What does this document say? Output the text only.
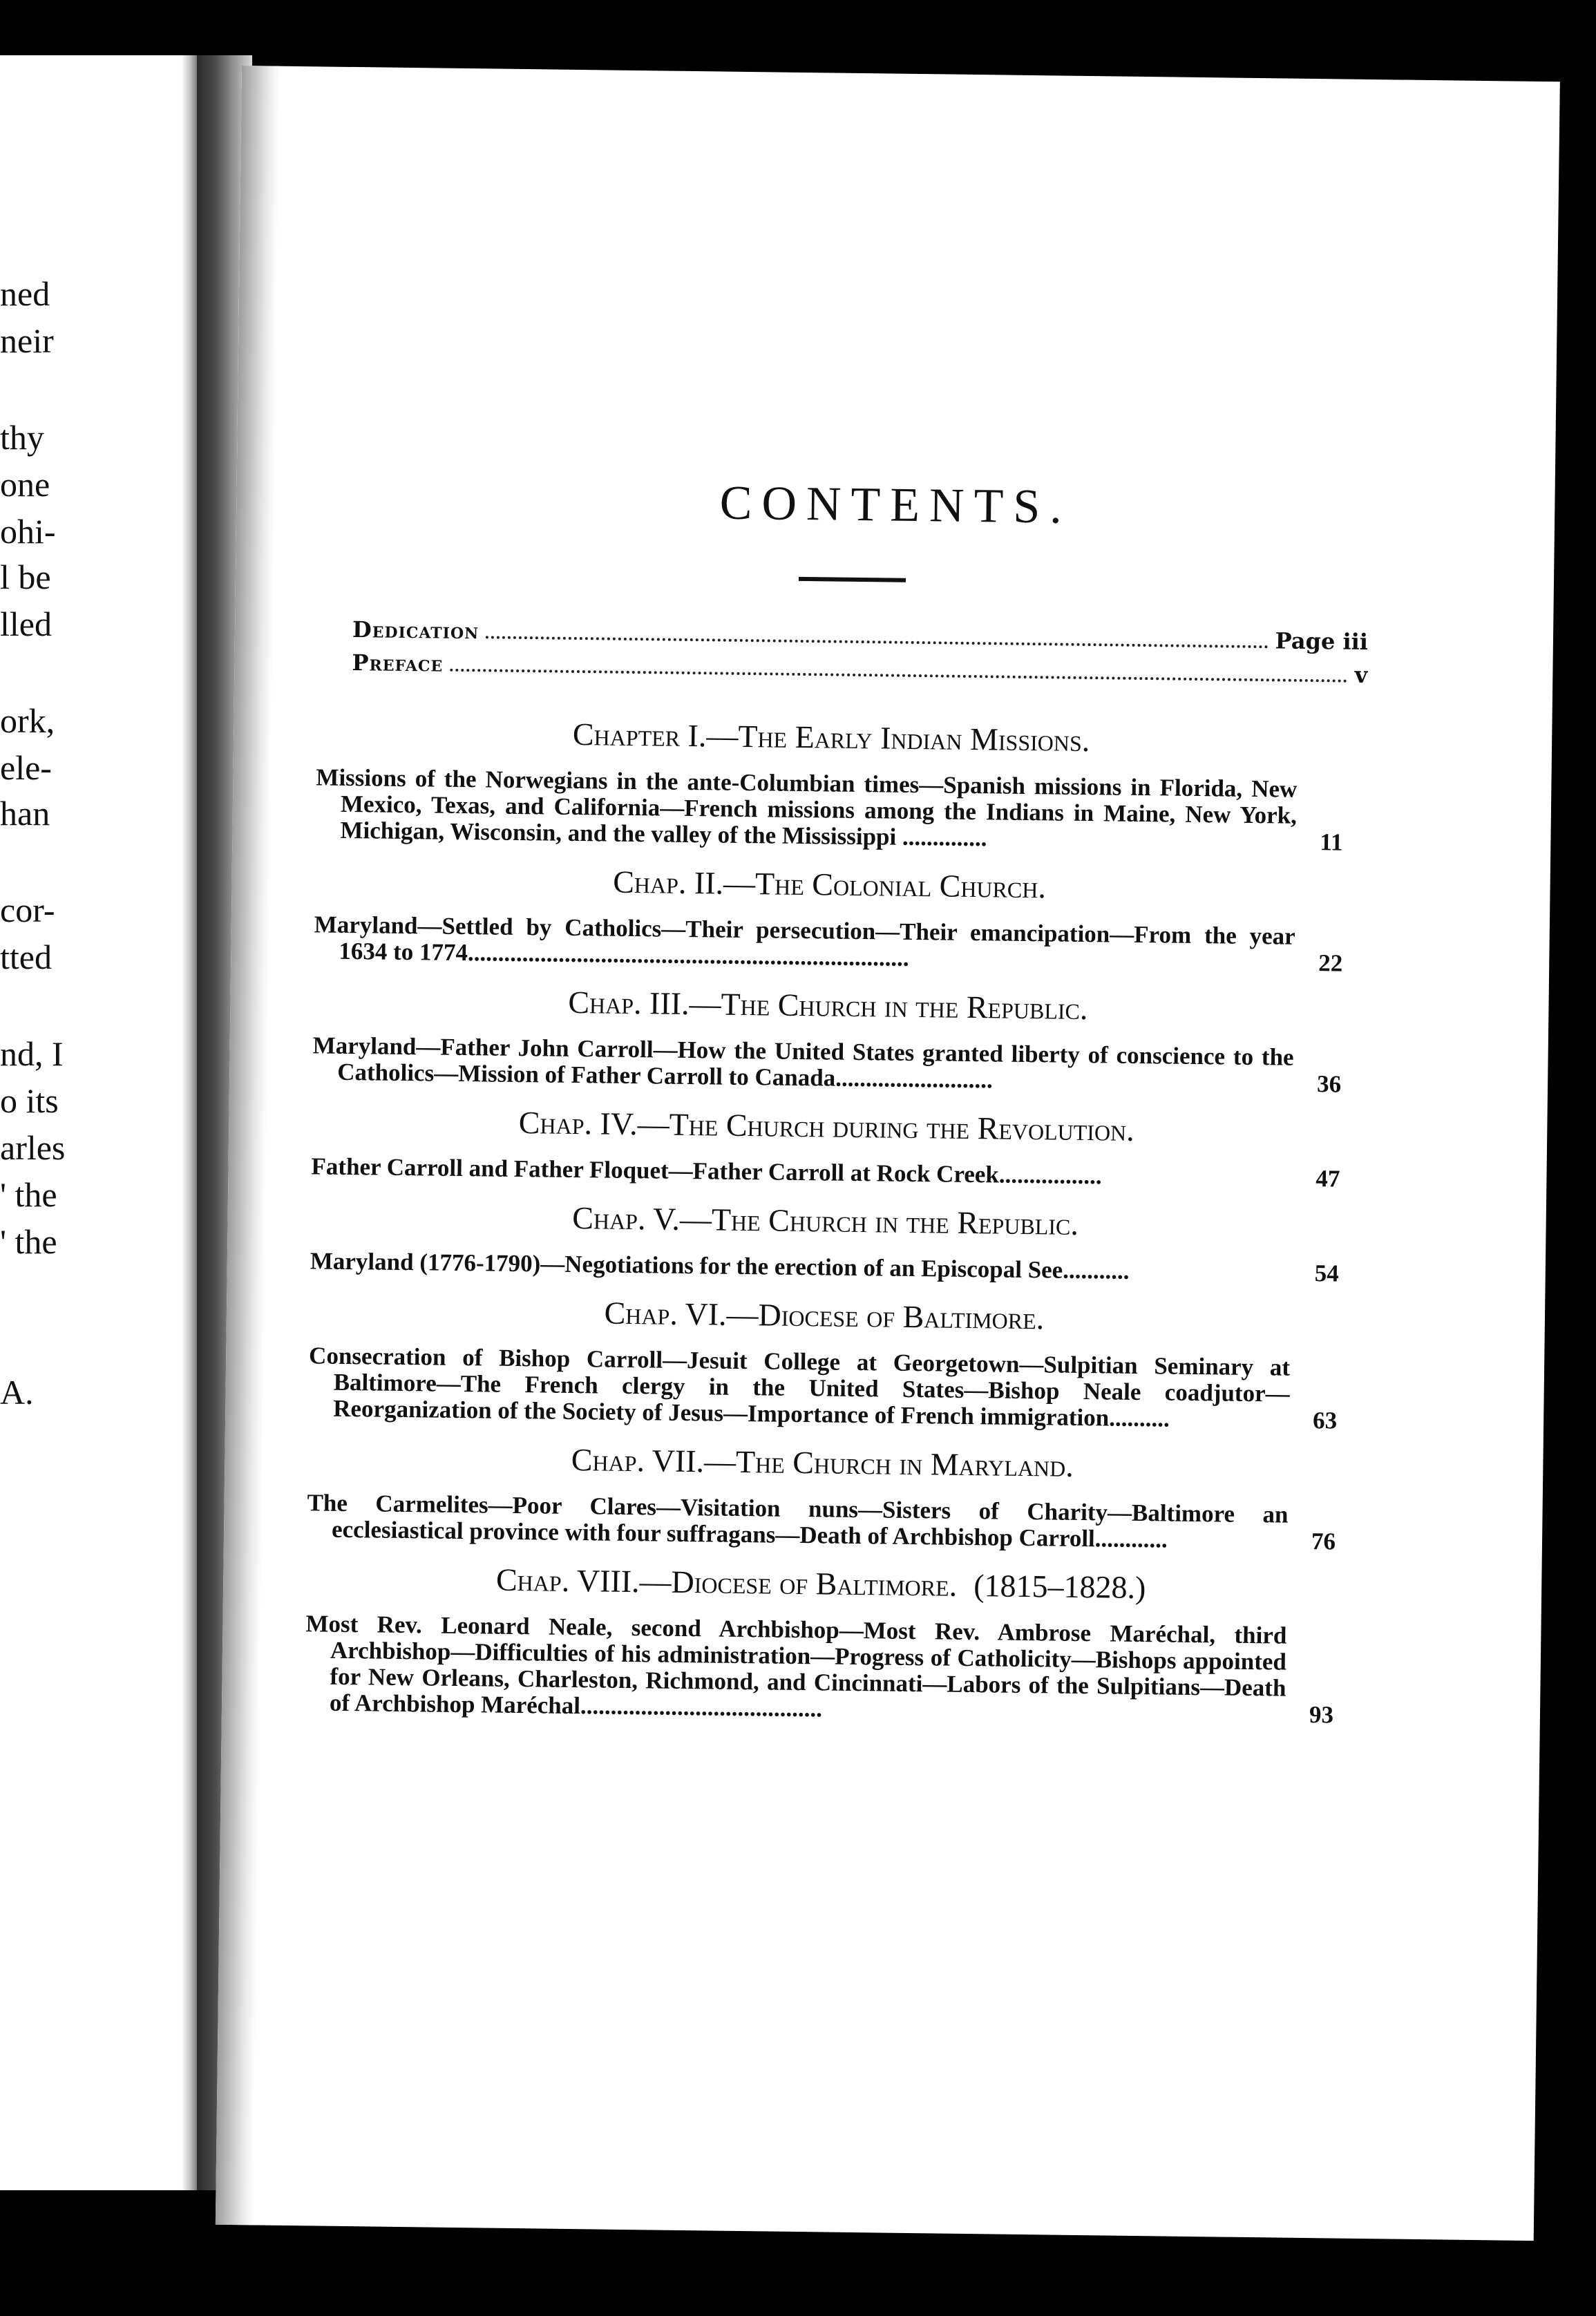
ned
neir
thy
one
ohi-
l be
lled
ork,
ele-
han
cor-
tted
nd, I
o its
arles
' the
' the
A.
CONTENTS.
Dedication	Page iii
Preface	v
Chapter I.—The Early Indian Missions.
Missions of the Norwegians in the ante-Columbian times—Spanish missions in Florida, New Mexico, Texas, and California—French missions among the Indians in Maine, New York, Michigan, Wisconsin, and the valley of the Mississippi ..............	11
Chap. II.—The Colonial Church.
Maryland—Settled by Catholics—Their persecution—Their emancipation—From the year 1634 to 1774.........................................................................	22
Chap. III.—The Church in the Republic.
Maryland—Father John Carroll—How the United States granted liberty of conscience to the Catholics—Mission of Father Carroll to Canada..........................	36
Chap. IV.—The Church during the Revolution.
Father Carroll and Father Floquet—Father Carroll at Rock Creek.................	47
Chap. V.—The Church in the Republic.
Maryland (1776-1790)—Negotiations for the erection of an Episcopal See...........	54
Chap. VI.—Diocese of Baltimore.
Consecration of Bishop Carroll—Jesuit College at Georgetown—Sulpitian Seminary at Baltimore—The French clergy in the United States—Bishop Neale coadjutor—Reorganization of the Society of Jesus—Importance of French immigration..........	63
Chap. VII.—The Church in Maryland.
The Carmelites—Poor Clares—Visitation nuns—Sisters of Charity—Baltimore an ecclesiastical province with four suffragans—Death of Archbishop Carroll............	76
Chap. VIII.—Diocese of Baltimore. (1815–1828.)
Most Rev. Leonard Neale, second Archbishop—Most Rev. Ambrose Maréchal, third Archbishop—Difficulties of his administration—Progress of Catholicity—Bishops appointed for New Orleans, Charleston, Richmond, and Cincinnati—Labors of the Sulpitians—Death of Archbishop Maréchal........................................	93
